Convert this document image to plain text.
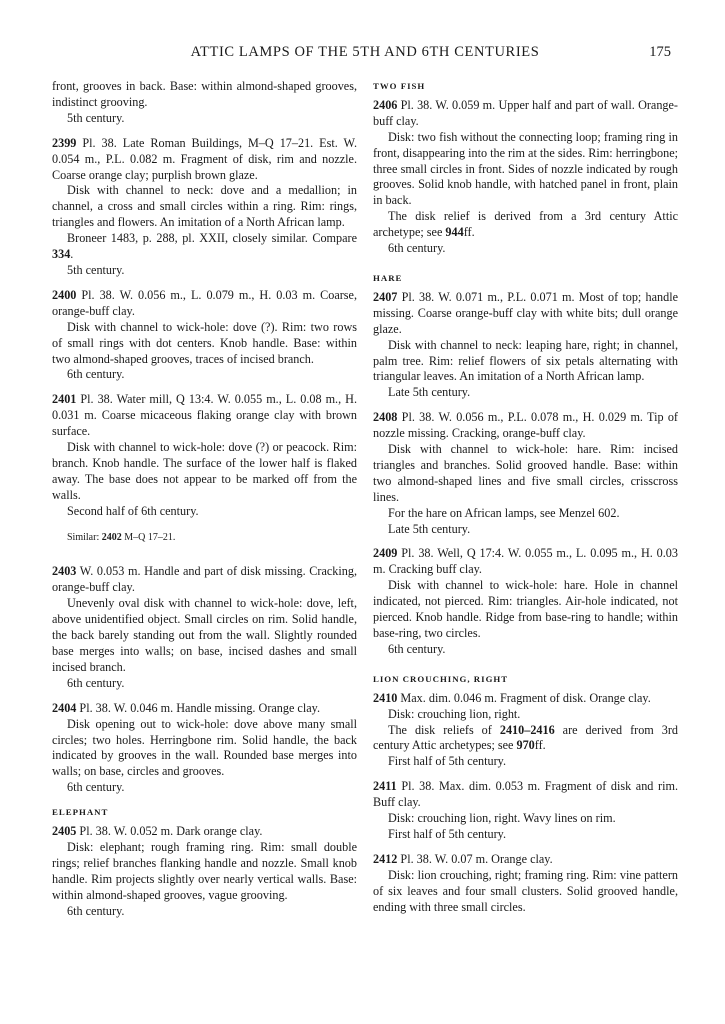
ATTIC LAMPS OF THE 5TH AND 6TH CENTURIES	175

front, grooves in back. Base: within almond-shaped grooves, indistinct grooving.

5th century.

2399 Pl. 38. Late Roman Buildings, M–Q 17–21. Est. W. 0.054 m., P.L. 0.082 m. Fragment of disk, rim and nozzle. Coarse orange clay; purplish brown glaze.

Disk with channel to neck: dove and a medallion; in channel, a cross and small circles within a ring. Rim: rings, triangles and flowers. An imitation of a North African lamp.

Broneer 1483, p. 288, pl. XXII, closely similar. Compare 334.

5th century.

2400 Pl. 38. W. 0.056 m., L. 0.079 m., H. 0.03 m. Coarse, orange-buff clay.

Disk with channel to wick-hole: dove (?). Rim: two rows of small rings with dot centers. Knob handle. Base: within two almond-shaped grooves, traces of incised branch.

6th century.

2401 Pl. 38. Water mill, Q 13:4. W. 0.055 m., L. 0.08 m., H. 0.031 m. Coarse micaceous flaking orange clay with brown surface.

Disk with channel to wick-hole: dove (?) or peacock. Rim: branch. Knob handle. The surface of the lower half is flaked away. The base does not appear to be marked off from the walls.

Second half of 6th century.

Similar: 2402 M–Q 17–21.

2403 W. 0.053 m. Handle and part of disk missing. Cracking, orange-buff clay.

Unevenly oval disk with channel to wick-hole: dove, left, above unidentified object. Small circles on rim. Solid handle, the back barely standing out from the wall. Slightly rounded base merges into walls; on base, incised dashes and small incised branch.

6th century.

2404 Pl. 38. W. 0.046 m. Handle missing. Orange clay.

Disk opening out to wick-hole: dove above many small circles; two holes. Herringbone rim. Solid handle, the back indicated by grooves in the wall. Rounded base merges into walls; on base, circles and grooves.

6th century.

ELEPHANT

2405 Pl. 38. W. 0.052 m. Dark orange clay.

Disk: elephant; rough framing ring. Rim: small double rings; relief branches flanking handle and nozzle. Small knob handle. Rim projects slightly over nearly vertical walls. Base: within almond-shaped grooves, vague grooving.

6th century.

TWO FISH

2406 Pl. 38. W. 0.059 m. Upper half and part of wall. Orange-buff clay.

Disk: two fish without the connecting loop; framing ring in front, disappearing into the rim at the sides. Rim: herringbone; three small circles in front. Sides of nozzle indicated by rough grooves. Solid knob handle, with hatched panel in front, plain in back.

The disk relief is derived from a 3rd century Attic archetype; see 944ff.

6th century.

HARE

2407 Pl. 38. W. 0.071 m., P.L. 0.071 m. Most of top; handle missing. Coarse orange-buff clay with white bits; dull orange glaze.

Disk with channel to neck: leaping hare, right; in channel, palm tree. Rim: relief flowers of six petals alternating with triangular leaves. An imitation of a North African lamp.

Late 5th century.

2408 Pl. 38. W. 0.056 m., P.L. 0.078 m., H. 0.029 m. Tip of nozzle missing. Cracking, orange-buff clay.

Disk with channel to wick-hole: hare. Rim: incised triangles and branches. Solid grooved handle. Base: within two almond-shaped lines and five small circles, crisscross lines.

For the hare on African lamps, see Menzel 602.

Late 5th century.

2409 Pl. 38. Well, Q 17:4. W. 0.055 m., L. 0.095 m., H. 0.03 m. Cracking buff clay.

Disk with channel to wick-hole: hare. Hole in channel indicated, not pierced. Rim: triangles. Air-hole indicated, not pierced. Knob handle. Ridge from base-ring to handle; within base-ring, two circles.

6th century.

LION CROUCHING, RIGHT

2410 Max. dim. 0.046 m. Fragment of disk. Orange clay.

Disk: crouching lion, right.

The disk reliefs of 2410–2416 are derived from 3rd century Attic archetypes; see 970ff.

First half of 5th century.

2411 Pl. 38. Max. dim. 0.053 m. Fragment of disk and rim. Buff clay.

Disk: crouching lion, right. Wavy lines on rim.

First half of 5th century.

2412 Pl. 38. W. 0.07 m. Orange clay.

Disk: lion crouching, right; framing ring. Rim: vine pattern of six leaves and four small clusters. Solid grooved handle, ending with three small circles.
